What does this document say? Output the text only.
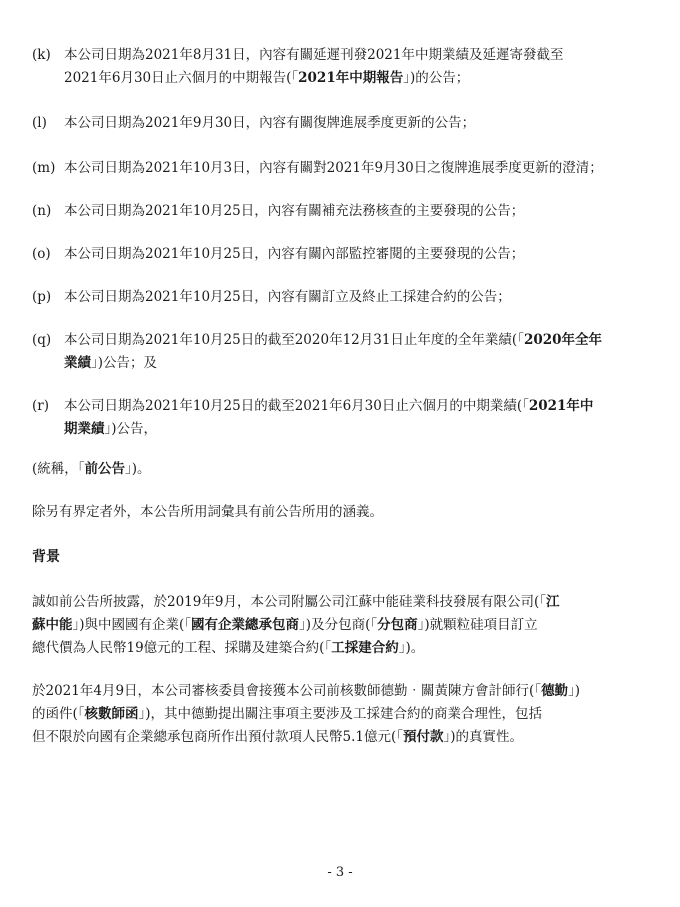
(k) 本公司日期為2021年8月31日，內容有關延遲刊發2021年中期業績及延遲寄發截至
2021年6月30日止六個月的中期報告(「2021年中期報告」)的公告；
(l)	本公司日期為2021年9月30日，內容有關復牌進展季度更新的公告；
(m) 本公司日期為2021年10月3日，內容有關對2021年9月30日之復牌進展季度更新的澄清；
(n) 本公司日期為2021年10月25日，內容有關補充法務核查的主要發現的公告；
(o) 本公司日期為2021年10月25日，內容有關內部監控審閱的主要發現的公告；
(p) 本公司日期為2021年10月25日，內容有關訂立及終止工採建合約的公告；
(q) 本公司日期為2021年10月25日的截至2020年12月31日止年度的全年業績(「2020年全年
業績」)公告；及
(r)	本公司日期為2021年10月25日的截至2021年6月30日止六個月的中期業績(「2021年中
期業績」)公告，
(統稱，「前公告」)。
除另有界定者外，本公告所用詞彙具有前公告所用的涵義。
背景
誠如前公告所披露，於2019年9月，本公司附屬公司江蘇中能硅業科技發展有限公司(「江
蘇中能」)與中國國有企業(「國有企業總承包商」)及分包商(「分包商」)就顆粒硅項目訂立
總代價為人民幣19億元的工程、採購及建築合約(「工採建合約」)。
於2021年4月9日，本公司審核委員會接獲本公司前核數師德勤‧關黃陳方會計師行(「德勤」)
的函件(「核數師函」)，其中德勤提出關注事項主要涉及工採建合約的商業合理性，包括
但不限於向國有企業總承包商所作出預付款項人民幣5.1億元(「預付款」)的真實性。
- 3 -
